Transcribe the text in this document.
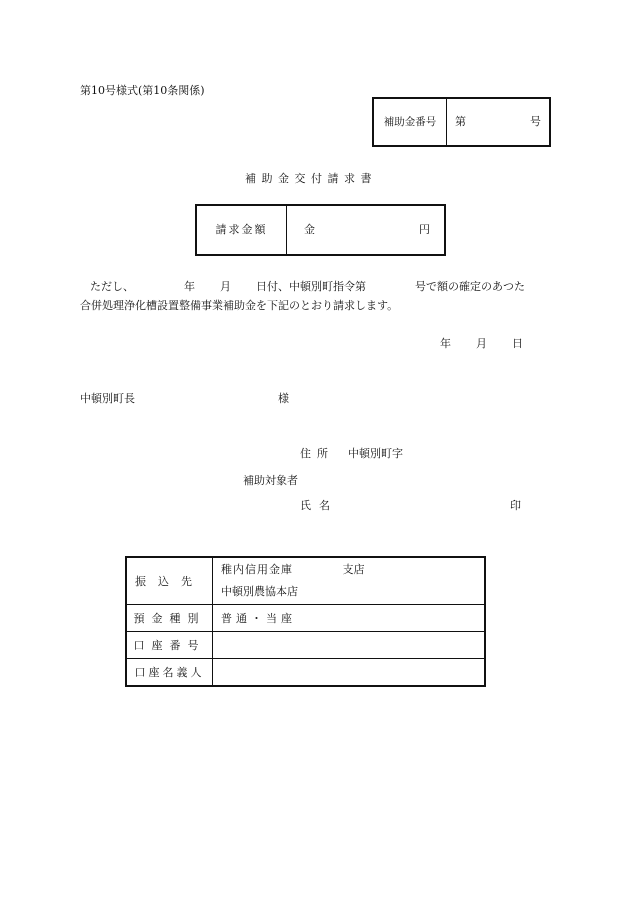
第10号様式(第10条関係)
補助金番号	第	号
補助金交付請求書
請求金額	金	円
ただし、	年 月 日付、中頓別町指令第	号で額の確定のあつた
合併処理浄化槽設置整備事業補助金を下記のとおり請求します。
年 月 日
中頓別町長	様
住所 中頓別町字
補助対象者
氏名	印
振込先	稚内信用金庫 支店
中頓別農協本店

預金種別	普通・当座
口座番号	
口座名義人	
